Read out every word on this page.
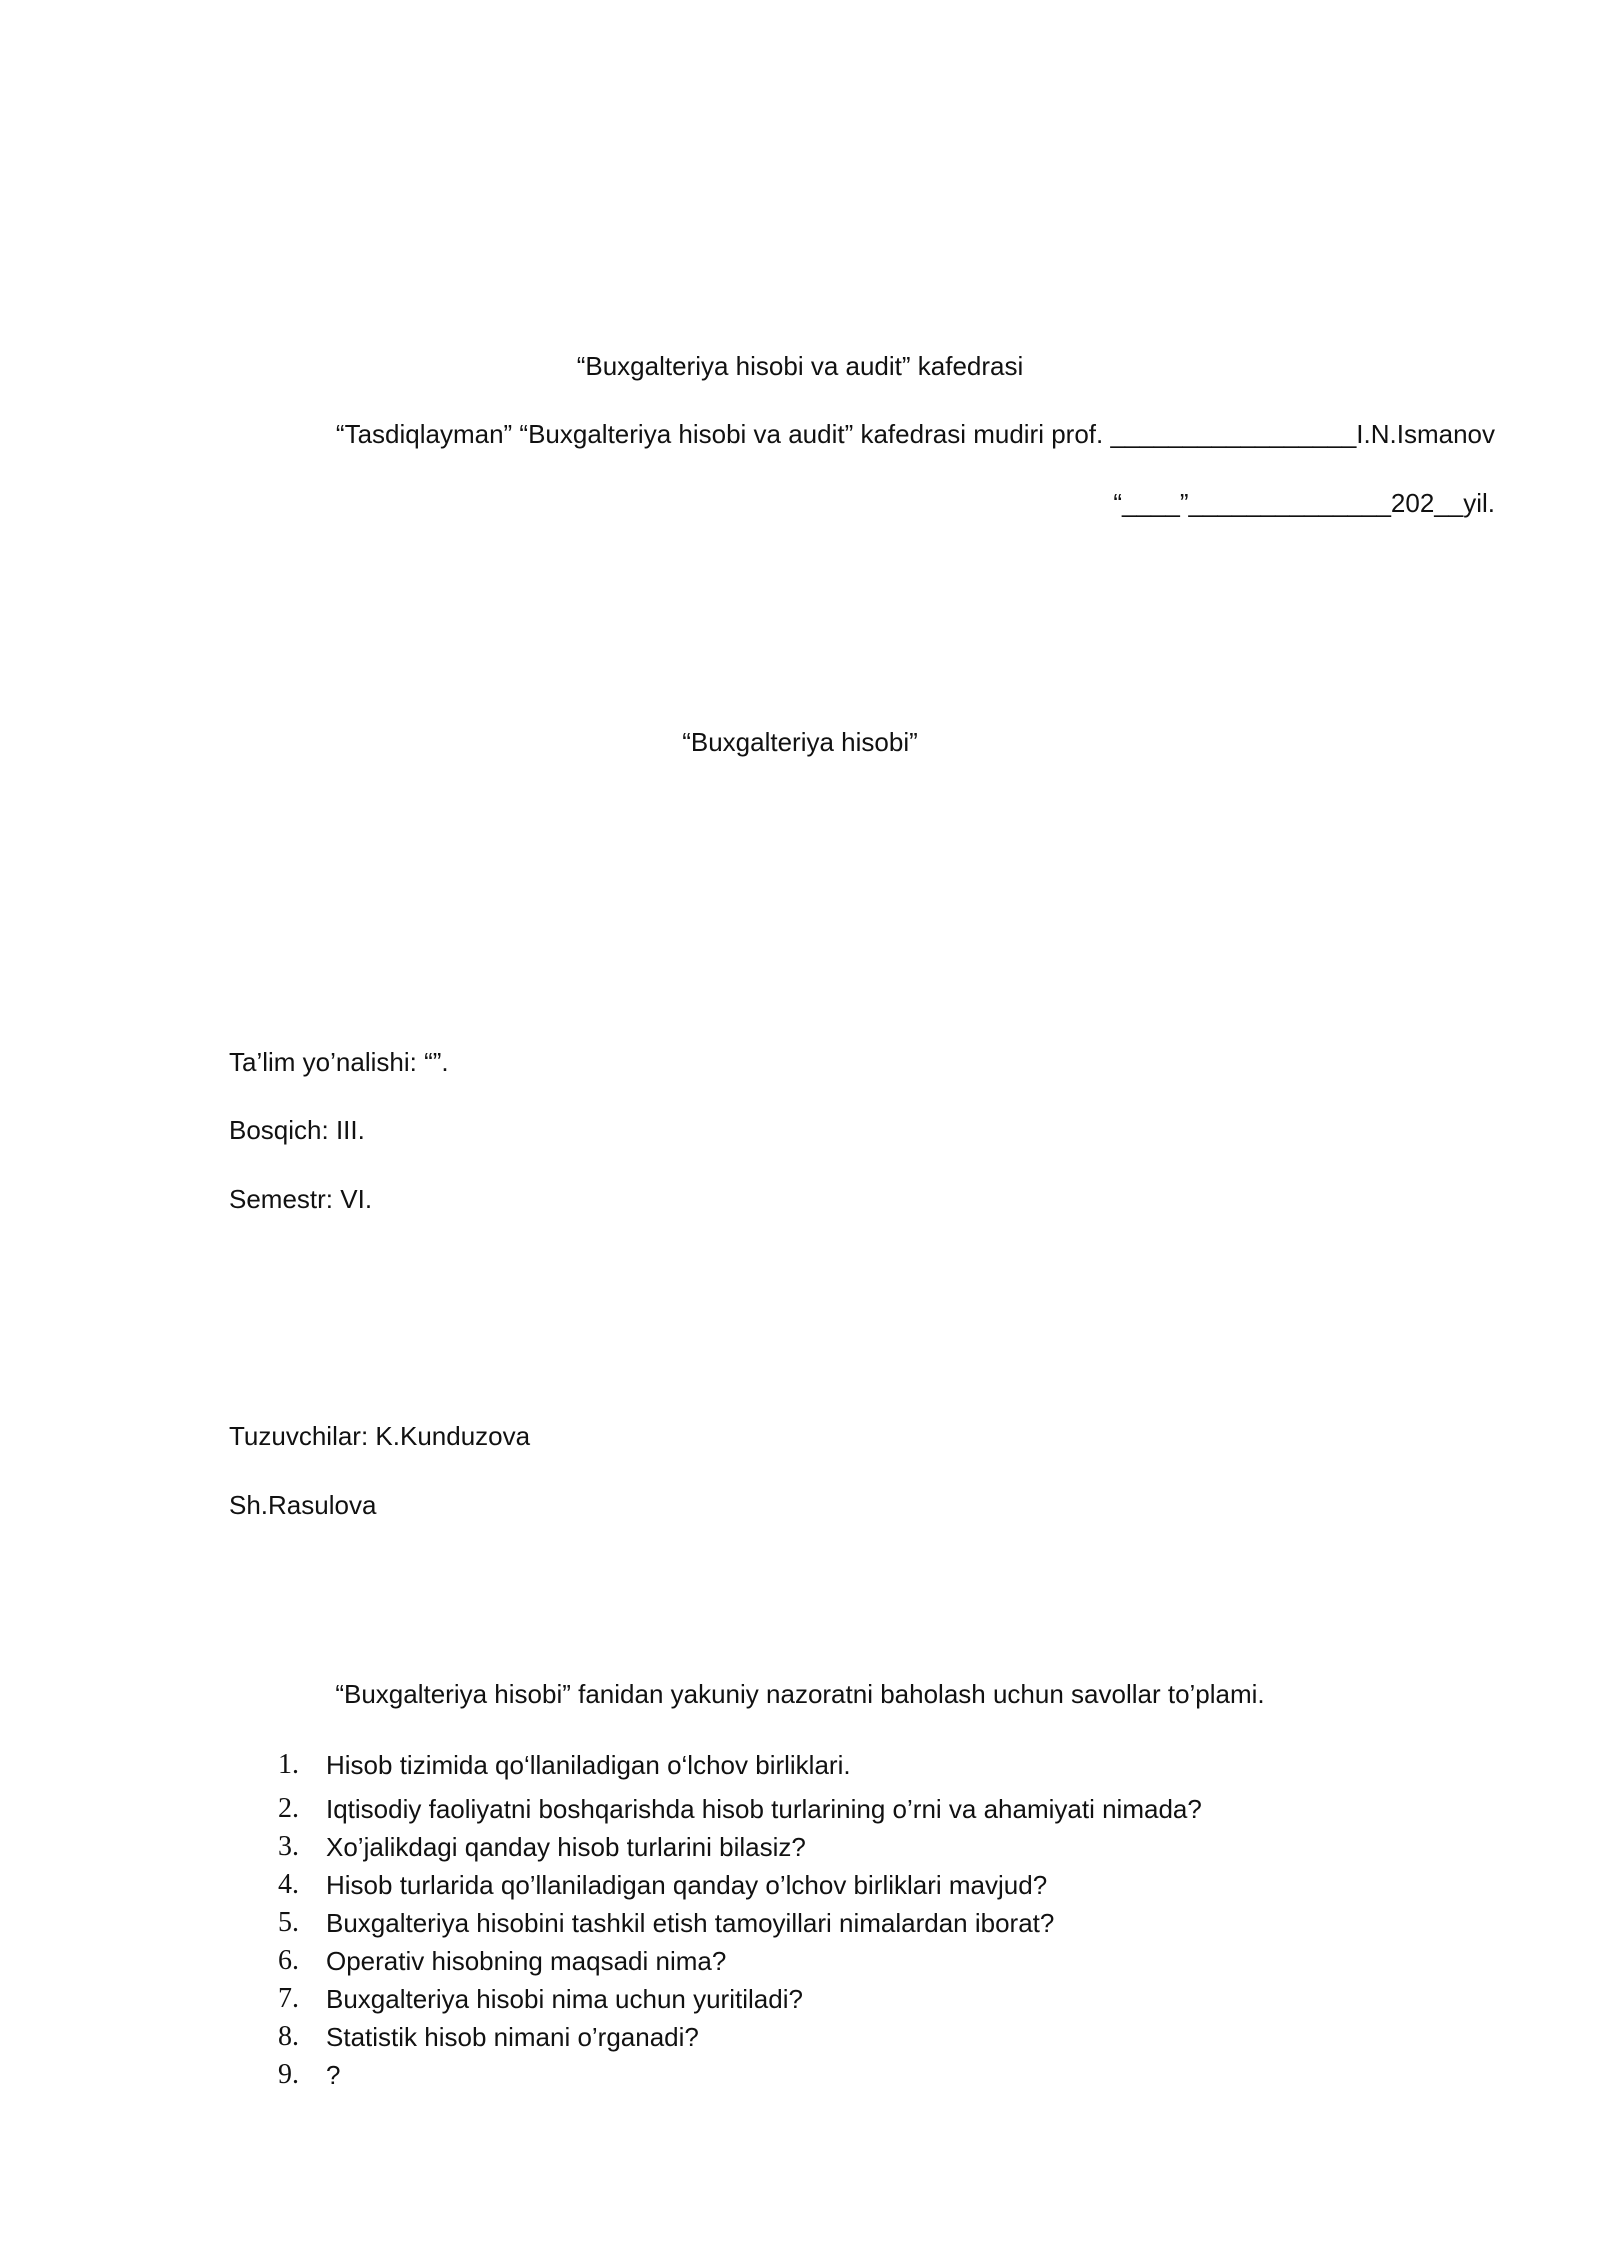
“Buxgalteriya hisobi va audit” kafedrasi
“Tasdiqlayman” “Buxgalteriya hisobi va audit” kafedrasi mudiri prof. _________________I.N.Ismanov
“____”______________202__yil.
“Buxgalteriya hisobi”
Ta’lim yo’nalishi: “”.
Bosqich: III.
Semestr: VI.
Tuzuvchilar: K.Kunduzova
Sh.Rasulova
“Buxgalteriya hisobi” fanidan yakuniy nazoratni baholash uchun savollar to’plami.
1. Hisob tizimida qo‘llaniladigan o‘lchov birliklari.
2. Iqtisodiy faoliyatni boshqarishda hisob turlarining o’rni va ahamiyati nimada?
3. Xo’jalikdagi qanday hisob turlarini bilasiz?
4. Hisob turlarida qo’llaniladigan qanday o’lchov birliklari mavjud?
5. Buxgalteriya hisobini tashkil etish tamoyillari nimalardan iborat?
6. Operativ hisobning maqsadi nima?
7. Buxgalteriya hisobi nima uchun yuritiladi?
8. Statistik hisob nimani o’rganadi?
9. ?
